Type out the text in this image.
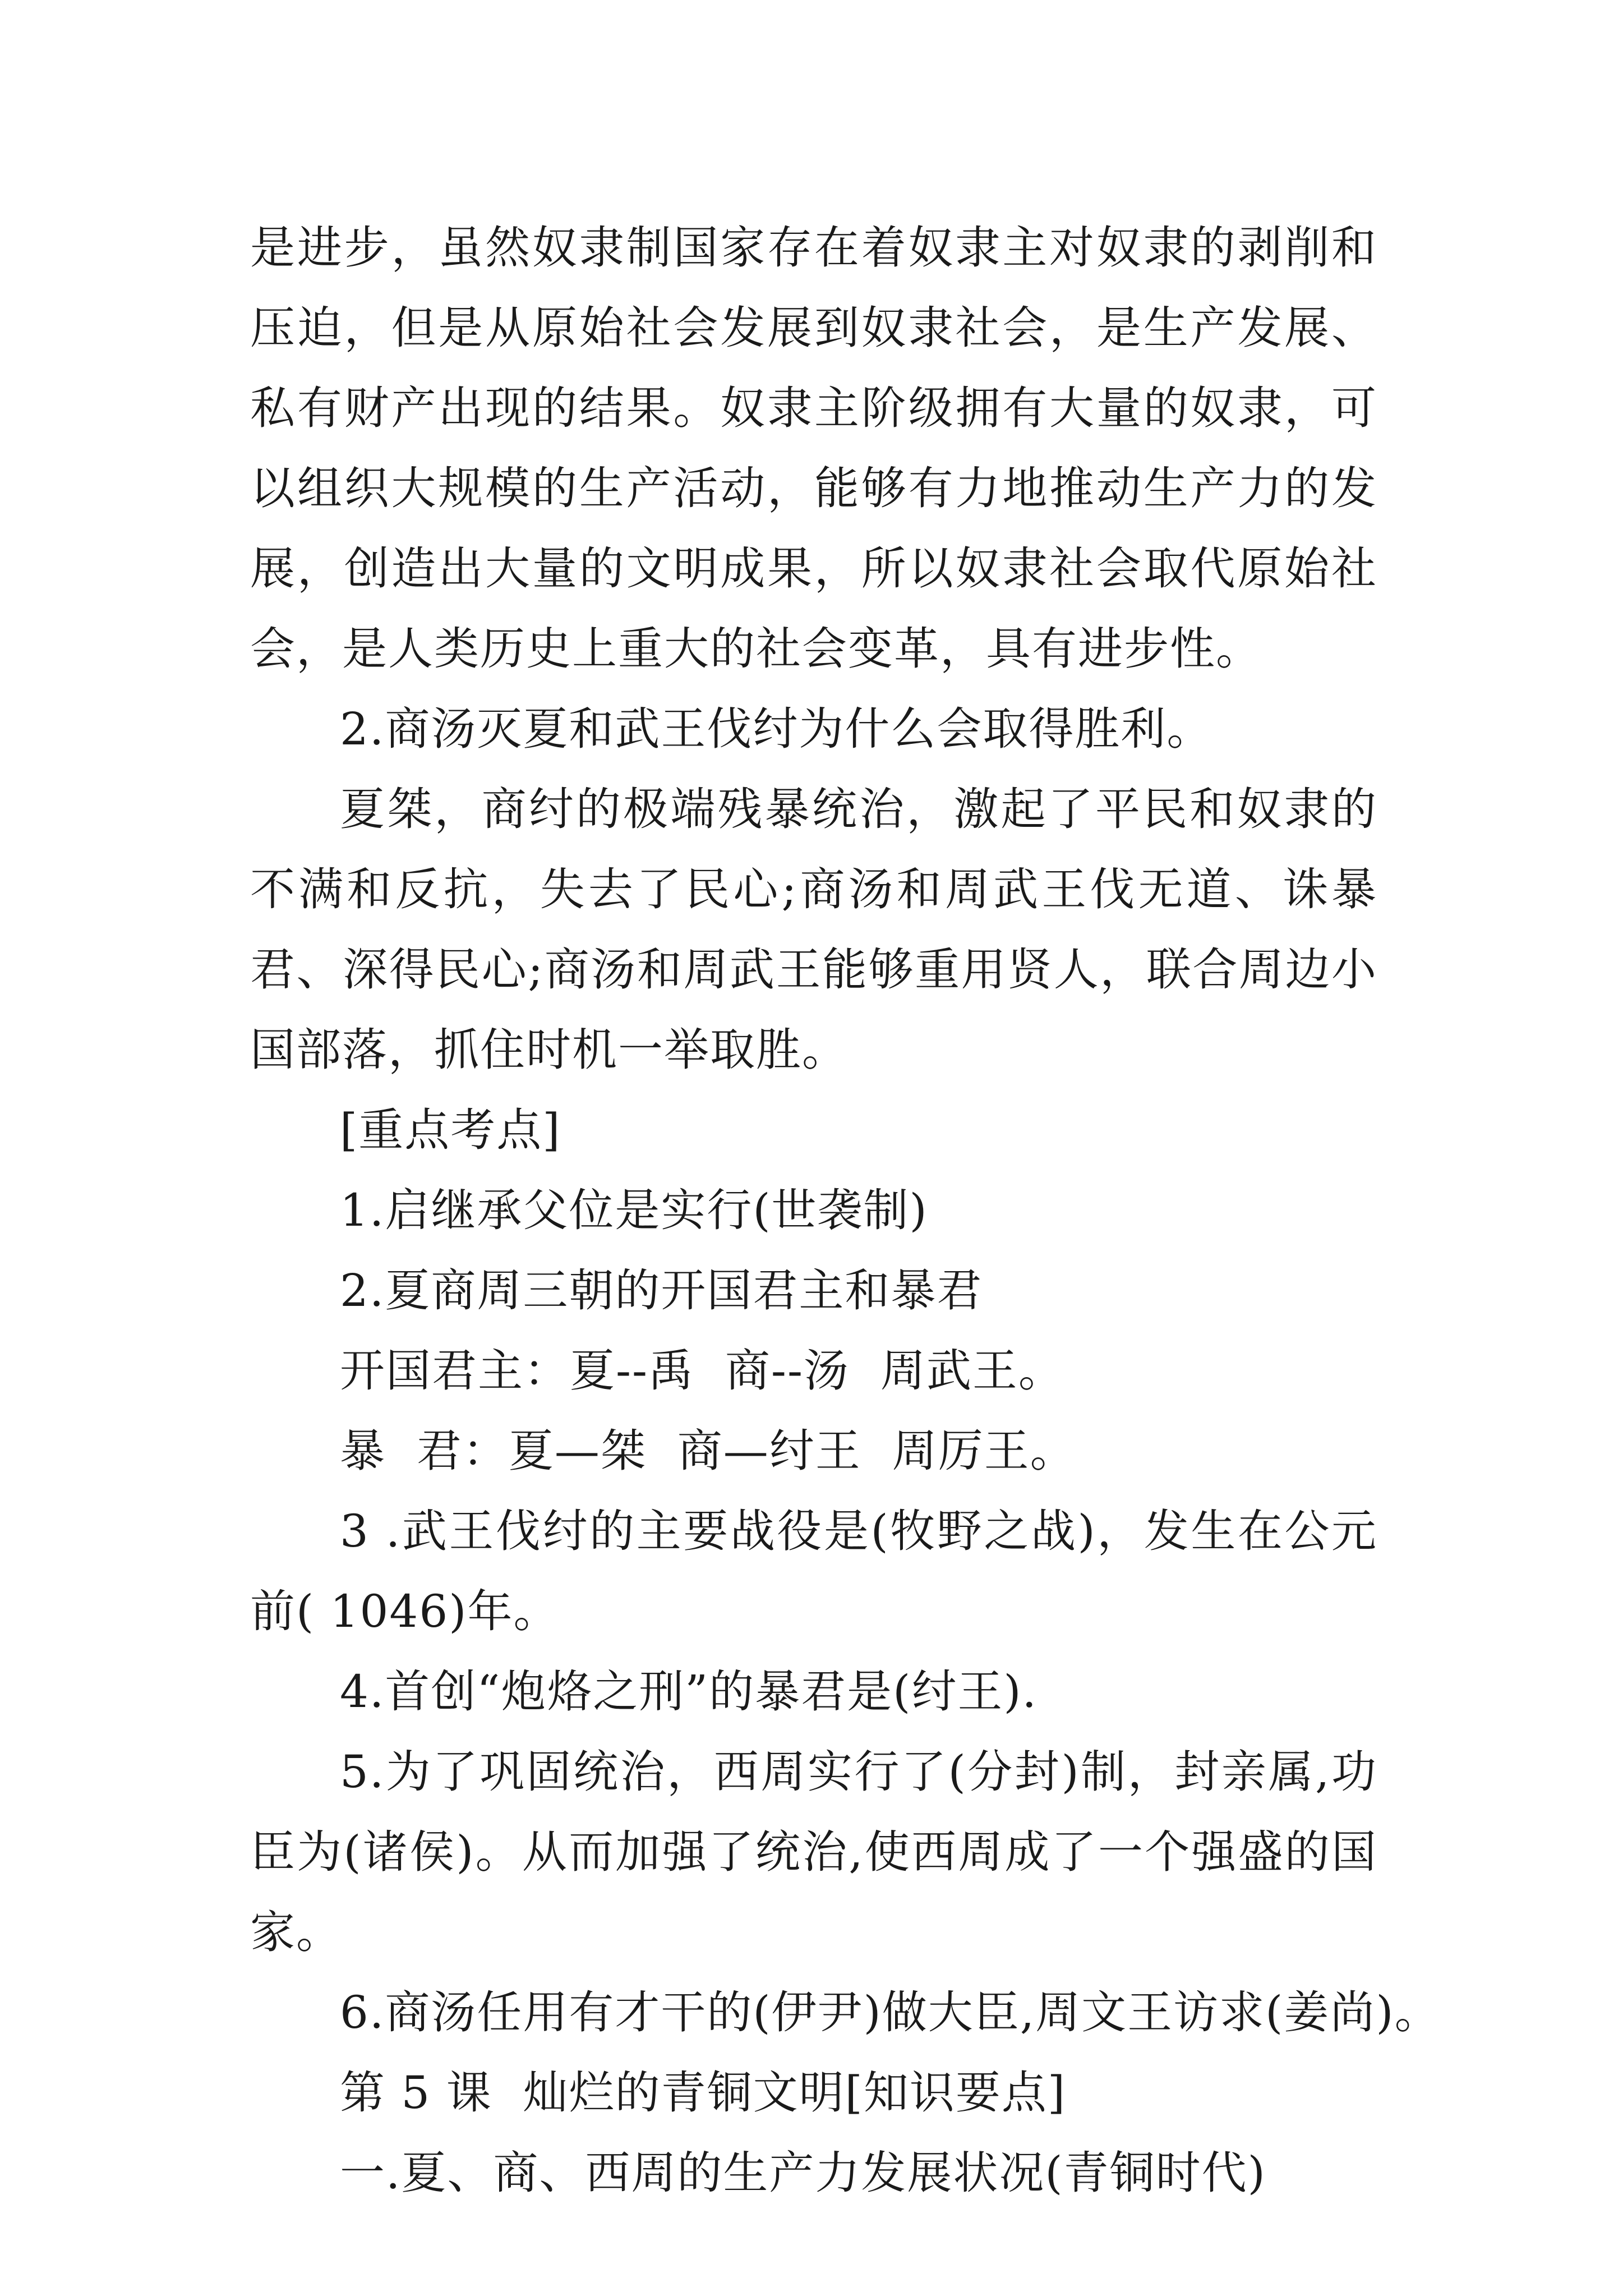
是进步，虽然奴隶制国家存在着奴隶主对奴隶的剥削和压迫，但是从原始社会发展到奴隶社会，是生产发展、私有财产出现的结果。奴隶主阶级拥有大量的奴隶，可以组织大规模的生产活动，能够有力地推动生产力的发展，创造出大量的文明成果，所以奴隶社会取代原始社会，是人类历史上重大的社会变革，具有进步性。

2.商汤灭夏和武王伐纣为什么会取得胜利。

夏桀，商纣的极端残暴统治，激起了平民和奴隶的不满和反抗，失去了民心;商汤和周武王伐无道、诛暴君、深得民心;商汤和周武王能够重用贤人，联合周边小国部落，抓住时机一举取胜。

[重点考点]

1.启继承父位是实行(世袭制)

2.夏商周三朝的开国君主和暴君

开国君主：夏--禹  商--汤  周武王。

暴  君：夏—桀  商—纣王  周厉王。

3 .武王伐纣的主要战役是(牧野之战)，发生在公元前( 1046)年。

4.首创“炮烙之刑”的暴君是(纣王).

5.为了巩固统治，西周实行了(分封)制，封亲属,功臣为(诸侯)。从而加强了统治,使西周成了一个强盛的国家。

6.商汤任用有才干的(伊尹)做大臣,周文王访求(姜尚)。

第 5 课  灿烂的青铜文明[知识要点]

一.夏、商、西周的生产力发展状况(青铜时代)
